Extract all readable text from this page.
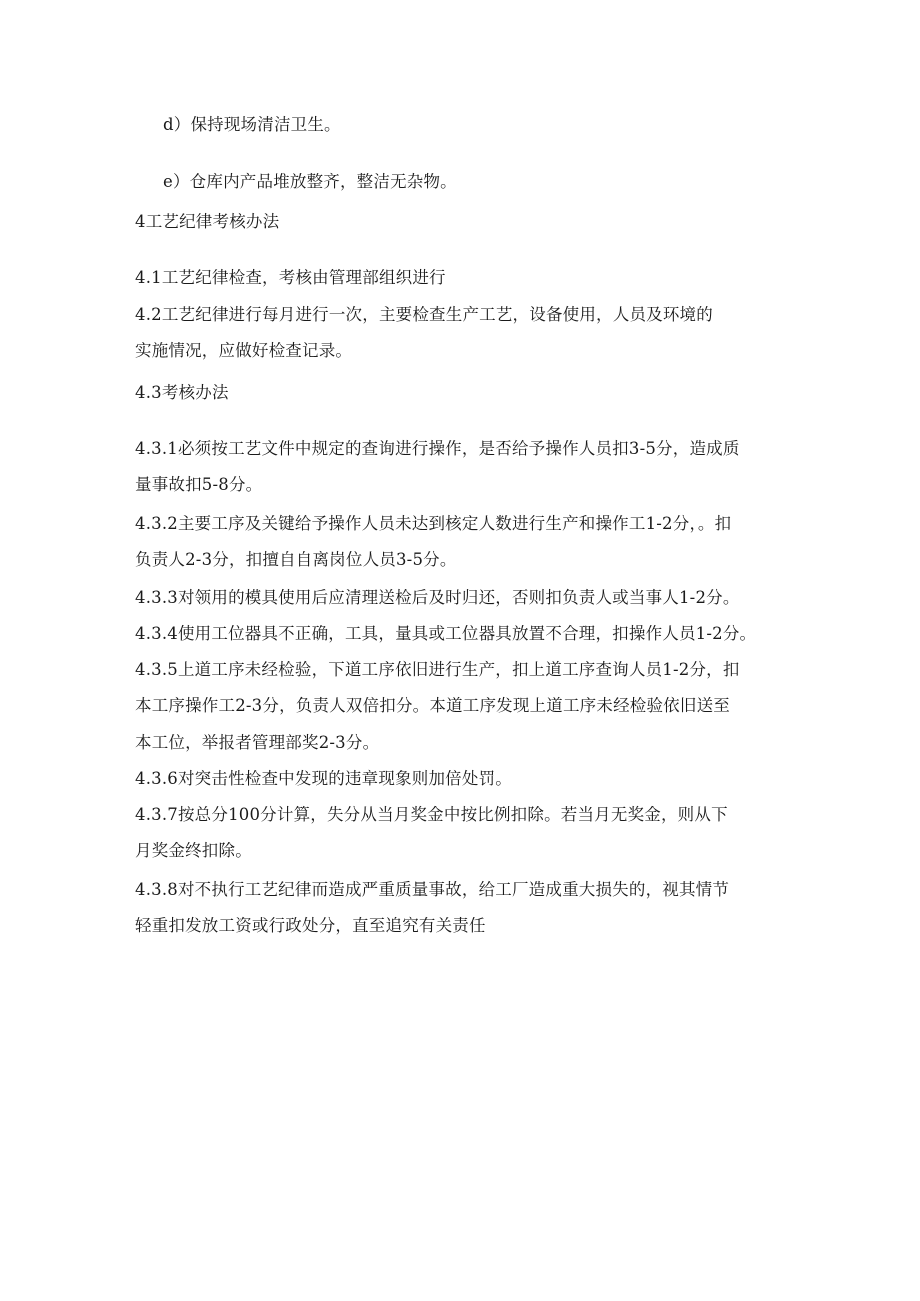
d）保持现场清洁卫生。
e）仓库内产品堆放整齐，整洁无杂物。
4工艺纪律考核办法
4.1工艺纪律检查，考核由管理部组织进行
4.2工艺纪律进行每月进行一次，主要检查生产工艺，设备使用，人员及环境的
实施情况，应做好检查记录。
4.3考核办法
4.3.1必须按工艺文件中规定的查询进行操作，是否给予操作人员扣3-5分，造成质
量事故扣5-8分。
4.3.2主要工序及关键给予操作人员未达到核定人数进行生产和操作工1-2分，。扣
负责人2-3分，扣擅自自离岗位人员3-5分。
4.3.3对领用的模具使用后应清理送检后及时归还，否则扣负责人或当事人1-2分。
4.3.4使用工位器具不正确，工具，量具或工位器具放置不合理，扣操作人员1-2分。
4.3.5上道工序未经检验，下道工序依旧进行生产，扣上道工序查询人员1-2分，扣
本工序操作工2-3分，负责人双倍扣分。本道工序发现上道工序未经检验依旧送至
本工位，举报者管理部奖2-3分。
4.3.6对突击性检查中发现的违章现象则加倍处罚。
4.3.7按总分100分计算，失分从当月奖金中按比例扣除。若当月无奖金，则从下
月奖金终扣除。
4.3.8对不执行工艺纪律而造成严重质量事故，给工厂造成重大损失的，视其情节
轻重扣发放工资或行政处分，直至追究有关责任
